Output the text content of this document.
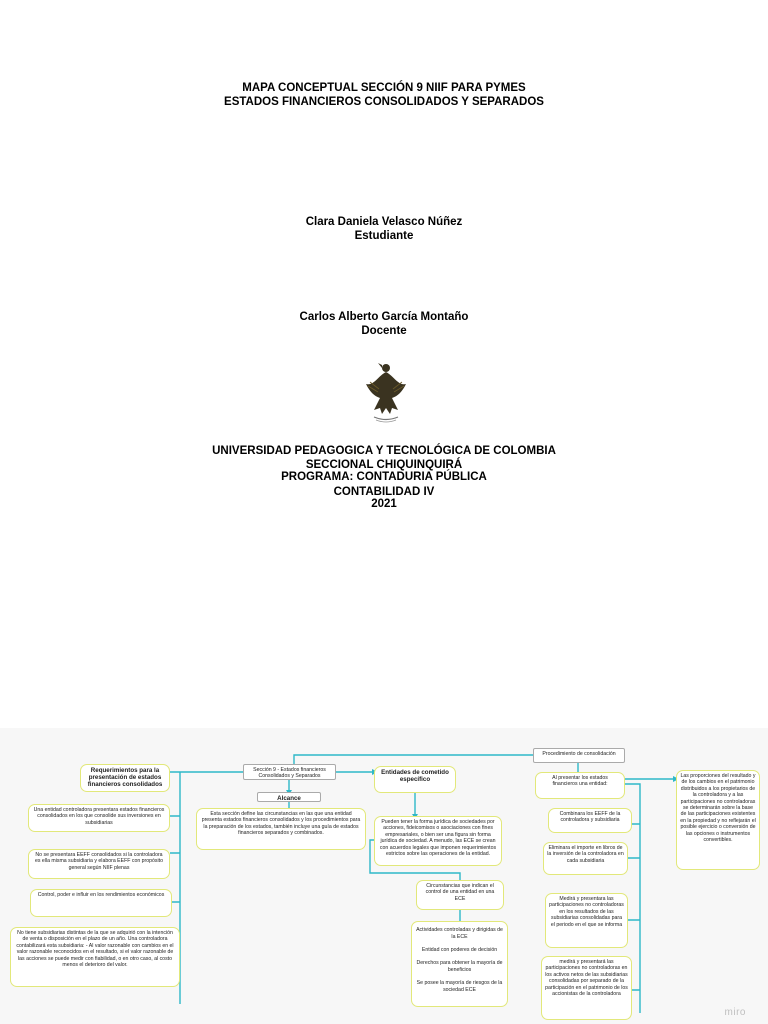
MAPA CONCEPTUAL SECCIÓN 9 NIIF PARA PYMES
ESTADOS FINANCIEROS CONSOLIDADOS Y SEPARADOS
Clara Daniela Velasco Núñez
Estudiante
Carlos Alberto García Montaño
Docente
UNIVERSIDAD PEDAGOGICA Y TECNOLÓGICA DE COLOMBIA
SECCIONAL CHIQUINQUIRÁ
PROGRAMA: CONTADURIA PÚBLICA
CONTABILIDAD IV
2021
Sección 9 - Estados financieros Consolidados y Separados
Alcance
Esta sección define las circunstancias en las que una entidad presenta estados financieros consolidados y los procedimientos para la preparación de los estados, también incluye una guía de estados financieros separados y combinados.
Requerimientos para la presentación de estados financieros consolidados
Una entidad controladora presentara estados financieros consolidados en los que consolide sus inversiones en subsidiarias
No se presentara EEFF consolidados si la controladora es ella misma subsidiaria y elabora EEFF con propósito general según NIIF plenas
Control, poder e influir en los rendimientos económicos
No tiene subsidiarias distintas de la que se adquirió con la intención de venta o disposición en el plazo de un año. Una controladora contabilizará esta subsidiaria: - Al valor razonable con cambios en el valor razonable reconocidos en el resultado, si el valor razonable de las acciones se puede medir con fiabilidad, o en otro caso, al costo menos el deterioro del valor.
Entidades de cometido específico
Pueden tener la forma jurídica de sociedades por acciones, fideicomisos o asociaciones con fines empresariales, o bien ser una figura sin forma jurídica de sociedad. A menudo, las ECE se crean con acuerdos legales que imponen requerimientos estrictos sobre las operaciones de la entidad.
Circunstancias que indican el control de una entidad en una ECE
Actividades controladas y dirigidas de la ECE
Entidad con poderes de decisión
Derechos para obtener la mayoría de beneficios
Se posee la mayoría de riesgos de la sociedad ECE
Procedimiento de consolidación
Al presentar los estados financieros una entidad:
Combinara los EEFF de la controladora y subsidiaria
Eliminara el importe en libros de la inversión de la controladora en cada subsidiaria
Medirá y presentara las participaciones no controladoras en los resultados de las subsidiarias consolidadas para el periodo en el que se informa
medirá y presentará las participaciones no controladoras en los activos netos de las subsidiarias consolidadas por separado de la participación en el patrimonio de los accionistas de la controladora
Las proporciones del resultado y de los cambios en el patrimonio distribuidos a los propietarios de la controladora y a las participaciones no controladoras se determinarán sobre la base de las participaciones existentes en la propiedad y no reflejarán el posible ejercicio o conversión de las opciones o instrumentos convertibles.
miro
